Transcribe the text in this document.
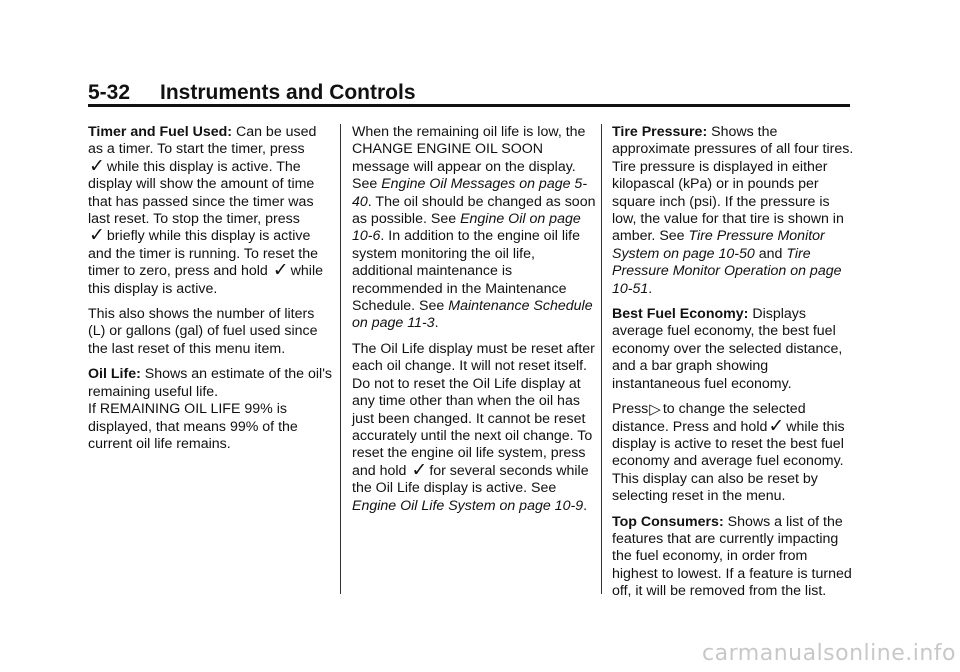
5-32 Instruments and Controls

Timer and Fuel Used: Can be used as a timer. To start the timer, press ✓ while this display is active. The display will show the amount of time that has passed since the timer was last reset. To stop the timer, press ✓ briefly while this display is active and the timer is running. To reset the timer to zero, press and hold ✓ while this display is active.

This also shows the number of liters (L) or gallons (gal) of fuel used since the last reset of this menu item.

Oil Life: Shows an estimate of the oil's remaining useful life.
If REMAINING OIL LIFE 99% is displayed, that means 99% of the current oil life remains.

When the remaining oil life is low, the CHANGE ENGINE OIL SOON message will appear on the display. See Engine Oil Messages on page 5-40. The oil should be changed as soon as possible. See Engine Oil on page 10-6. In addition to the engine oil life system monitoring the oil life, additional maintenance is recommended in the Maintenance Schedule. See Maintenance Schedule on page 11-3.

The Oil Life display must be reset after each oil change. It will not reset itself. Do not to reset the Oil Life display at any time other than when the oil has just been changed. It cannot be reset accurately until the next oil change. To reset the engine oil life system, press and hold ✓ for several seconds while the Oil Life display is active. See Engine Oil Life System on page 10-9.

Tire Pressure: Shows the approximate pressures of all four tires. Tire pressure is displayed in either kilopascal (kPa) or in pounds per square inch (psi). If the pressure is low, the value for that tire is shown in amber. See Tire Pressure Monitor System on page 10-50 and Tire Pressure Monitor Operation on page 10-51.

Best Fuel Economy: Displays average fuel economy, the best fuel economy over the selected distance, and a bar graph showing instantaneous fuel economy.

Press▷ to change the selected distance. Press and hold✓ while this display is active to reset the best fuel economy and average fuel economy. This display can also be reset by selecting reset in the menu.

Top Consumers: Shows a list of the features that are currently impacting the fuel economy, in order from highest to lowest. If a feature is turned off, it will be removed from the list.

carmanualsonline.info
